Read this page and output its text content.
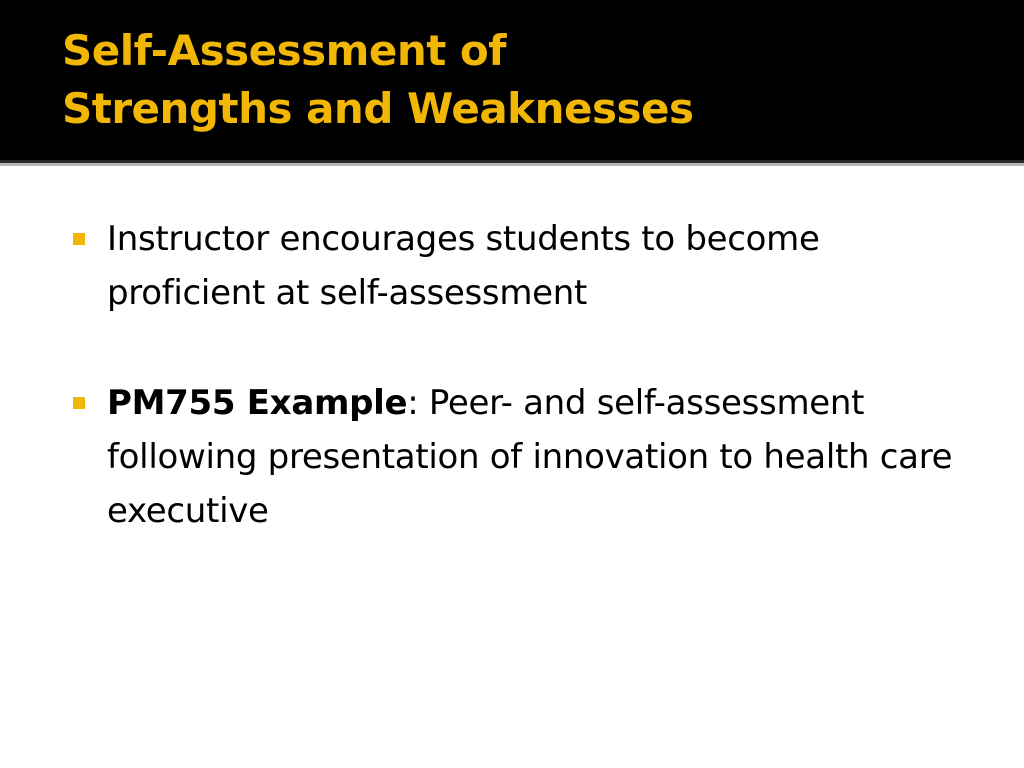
Self-Assessment of
Strengths and Weaknesses
Instructor encourages students to become proficient at self-assessment
PM755 Example: Peer- and self-assessment following presentation of innovation to health care executive
